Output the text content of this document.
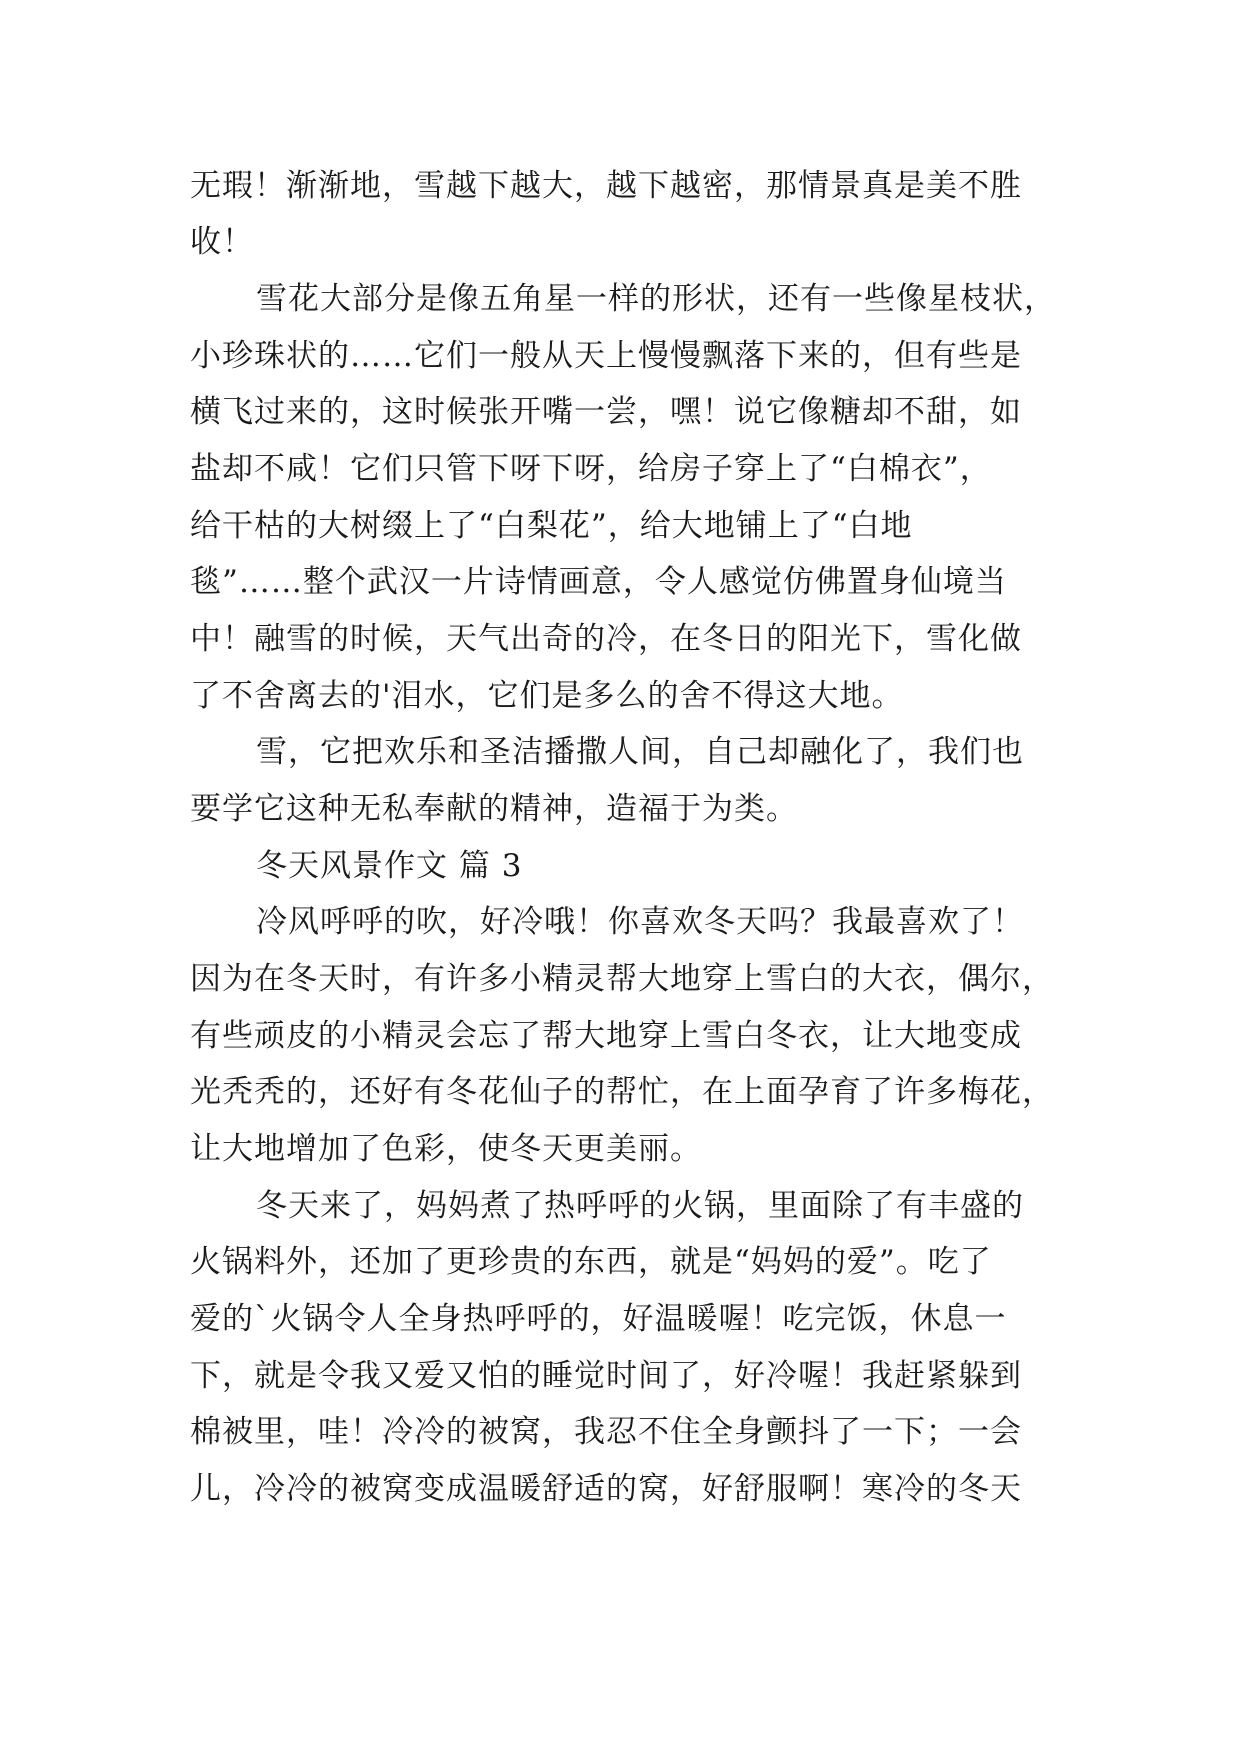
无瑕！渐渐地，雪越下越大，越下越密，那情景真是美不胜
收！
雪花大部分是像五角星一样的形状，还有一些像星枝状，
小珍珠状的……它们一般从天上慢慢飘落下来的，但有些是
横飞过来的，这时候张开嘴一尝，嘿！说它像糖却不甜，如
盐却不咸！它们只管下呀下呀，给房子穿上了“白棉衣”，
给干枯的大树缀上了“白梨花”，给大地铺上了“白地
毯”……整个武汉一片诗情画意，令人感觉仿佛置身仙境当
中！融雪的时候，天气出奇的冷，在冬日的阳光下，雪化做
了不舍离去的'泪水，它们是多么的舍不得这大地。
雪，它把欢乐和圣洁播撒人间，自己却融化了，我们也
要学它这种无私奉献的精神，造福于为类。
冬天风景作文 篇 3
冷风呼呼的吹，好冷哦！你喜欢冬天吗？我最喜欢了！
因为在冬天时，有许多小精灵帮大地穿上雪白的大衣，偶尔，
有些顽皮的小精灵会忘了帮大地穿上雪白冬衣，让大地变成
光秃秃的，还好有冬花仙子的帮忙，在上面孕育了许多梅花，
让大地增加了色彩，使冬天更美丽。
冬天来了，妈妈煮了热呼呼的火锅，里面除了有丰盛的
火锅料外，还加了更珍贵的东西，就是“妈妈的爱”。吃了
爱的`火锅令人全身热呼呼的，好温暖喔！吃完饭，休息一
下，就是令我又爱又怕的睡觉时间了，好冷喔！我赶紧躲到
棉被里，哇！冷冷的被窝，我忍不住全身颤抖了一下；一会
儿，冷冷的被窝变成温暖舒适的窝，好舒服啊！寒冷的冬天
